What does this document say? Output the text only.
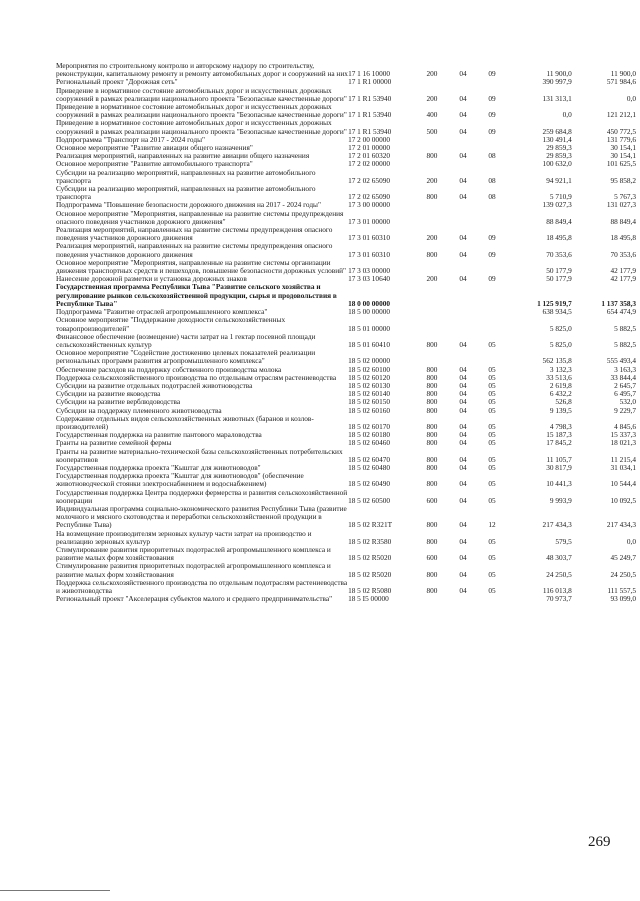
Мероприятия по строительному контролю и авторскому надзору по строительству, реконструкции, капитальному ремонту и ремонту автомобильных дорог и сооружений на них	17 1 16 10000	200	04	09	11 900,0	11 900,0
Региональный проект "Дорожная сеть"	17 1 R1 00000				390 997,9	571 984,6
Приведение в нормативное состояние автомобильных дорог и искусственных дорожных сооружений в рамках реализации национального проекта "Безопасные качественные дороги"	17 1 R1 53940	200	04	09	131 313,1	0,0
Приведение в нормативное состояние автомобильных дорог и искусственных дорожных сооружений в рамках реализации национального проекта "Безопасные качественные дороги"	17 1 R1 53940	400	04	09	0,0	121 212,1
Приведение в нормативное состояние автомобильных дорог и искусственных дорожных сооружений в рамках реализации национального проекта "Безопасные качественные дороги"	17 1 R1 53940	500	04	09	259 684,8	450 772,5
Подпрограмма "Транспорт на 2017 - 2024 годы"	17 2 00 00000				130 491,4	131 779,6
Основное мероприятие "Развитие авиации общего назначения"	17 2 01 00000				29 859,3	30 154,1
Реализация мероприятий, направленных на развитие авиации общего назначения	17 2 01 60320	800	04	08	29 859,3	30 154,1
Основное мероприятие "Развитие автомобильного транспорта"	17 2 02 00000				100 632,0	101 625,5
Субсидии на реализацию мероприятий, направленных на развитие автомобильного транспорта	17 2 02 65090	200	04	08	94 921,1	95 858,2
Субсидии на реализацию мероприятий, направленных на развитие автомобильного транспорта	17 2 02 65090	800	04	08	5 710,9	5 767,3
Подпрограмма "Повышение безопасности дорожного движения на 2017 - 2024 годы"	17 3 00 00000				139 027,3	131 027,3
Основное мероприятие "Мероприятия, направленные на развитие системы предупреждения опасного поведения участников дорожного движения"	17 3 01 00000				88 849,4	88 849,4
Реализация мероприятий, направленных на развитие системы предупреждения опасного поведения участников дорожного движения	17 3 01 60310	200	04	09	18 495,8	18 495,8
Реализация мероприятий, направленных на развитие системы предупреждения опасного поведения участников дорожного движения	17 3 01 60310	800	04	09	70 353,6	70 353,6
Основное мероприятие "Мероприятия, направленные на развитие системы организации движения транспортных средств и пешеходов, повышение безопасности дорожных условий"	17 3 03 00000				50 177,9	42 177,9
Нанесение дорожной разметки и установка дорожных знаков	17 3 03 10640	200	04	09	50 177,9	42 177,9
Государственная программа Республики Тыва "Развитие сельского хозяйства и регулирование рынков сельскохозяйственной продукции, сырья и продовольствия в Республике Тыва"	18 0 00 00000				1 125 919,7	1 137 358,3
Подпрограмма "Развитие отраслей агропромышленного комплекса"	18 5 00 00000				638 934,5	654 474,9
Основное мероприятие "Поддержание доходности сельскохозяйственных товаропроизводителей"	18 5 01 00000				5 825,0	5 882,5
Финансовое обеспечение (возмещение) части затрат на 1 гектар посевной площади сельскохозяйственных культур	18 5 01 60410	800	04	05	5 825,0	5 882,5
Основное мероприятие "Содействие достижению целевых показателей реализации региональных программ развития агропромышленного комплекса"	18 5 02 00000				562 135,8	555 493,4
Обеспечение расходов на поддержку собственного производства молока	18 5 02 60100	800	04	05	3 132,3	3 163,3
Поддержка сельскохозяйственного производства по отдельным отраслям растениеводства	18 5 02 60120	800	04	05	33 513,6	33 844,4
Субсидии на развитие отдельных подотраслей животноводства	18 5 02 60130	800	04	05	2 619,8	2 645,7
Субсидии на развитие яководства	18 5 02 60140	800	04	05	6 432,2	6 495,7
Субсидии на развитие верблюдоводства	18 5 02 60150	800	04	05	526,8	532,0
Субсидии на поддержку племенного животноводства	18 5 02 60160	800	04	05	9 139,5	9 229,7
Содержание отдельных видов сельскохозяйственных животных (баранов и козлов-производителей)	18 5 02 60170	800	04	05	4 798,3	4 845,6
Государственная поддержка на развитие пантового мараловодства	18 5 02 60180	800	04	05	15 187,3	15 337,3
Гранты на развитие семейной фермы	18 5 02 60460	800	04	05	17 845,2	18 021,3
Гранты на развитие материально-технической базы сельскохозяйственных потребительских кооперативов	18 5 02 60470	800	04	05	11 105,7	11 215,4
Государственная поддержка проекта "Кыштаг для животноводов"	18 5 02 60480	800	04	05	30 817,9	31 034,1
Государственная поддержка проекта "Кыштаг для животноводов" (обеспечение животноводческой стоянки электроснабжением и водоснабжением)	18 5 02 60490	800	04	05	10 441,3	10 544,4
Государственная поддержка Центра поддержки фермерства и развития сельскохозяйственной кооперации	18 5 02 60500	600	04	05	9 993,9	10 092,5
Индивидуальная программа социально-экономического развития Республики Тыва (развитие молочного и мясного скотоводства и переработки сельскохозяйственной продукции в Республике Тыва)	18 5 02 R321Т	800	04	12	217 434,3	217 434,3
На возмещение производителям зерновых культур части затрат на производство и реализацию зерновых культур	18 5 02 R3580	800	04	05	579,5	0,0
Стимулирование развития приоритетных подотраслей агропромышленного комплекса и развитие малых форм хозяйствования	18 5 02 R5020	600	04	05	48 303,7	45 249,7
Стимулирование развития приоритетных подотраслей агропромышленного комплекса и развитие малых форм хозяйствования	18 5 02 R5020	800	04	05	24 250,5	24 250,5
Поддержка сельскохозяйственного производства по отдельным подотраслям растениеводства и животноводства	18 5 02 R5080	800	04	05	116 013,8	111 557,5
Региональный проект "Акселерация субъектов малого и среднего предпринимательства"	18 5 I5 00000				70 973,7	93 099,0
269
